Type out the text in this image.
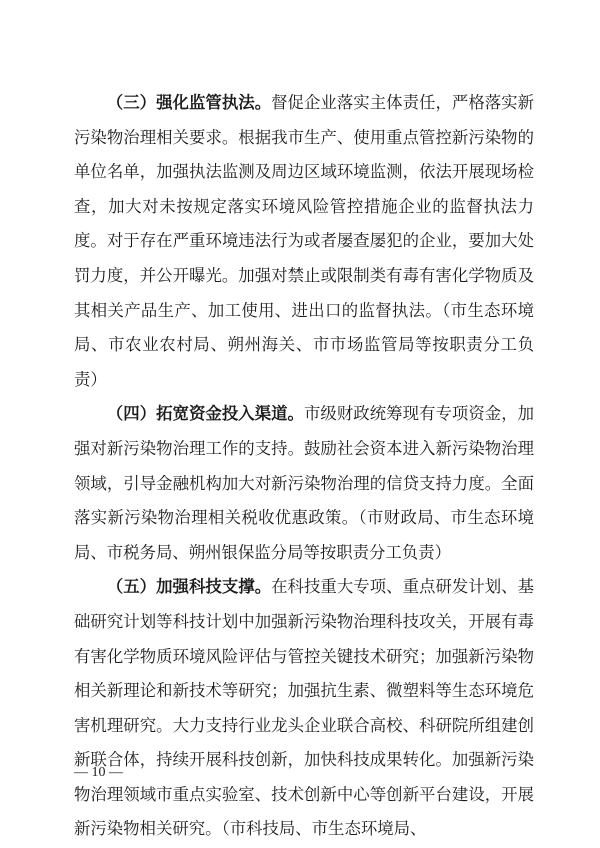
（三）强化监管执法。督促企业落实主体责任，严格落实新污染物治理相关要求。根据我市生产、使用重点管控新污染物的单位名单，加强执法监测及周边区域环境监测，依法开展现场检查，加大对未按规定落实环境风险管控措施企业的监督执法力度。对于存在严重环境违法行为或者屡查屡犯的企业，要加大处罚力度，并公开曝光。加强对禁止或限制类有毒有害化学物质及其相关产品生产、加工使用、进出口的监督执法。（市生态环境局、市农业农村局、朔州海关、市市场监管局等按职责分工负责）

（四）拓宽资金投入渠道。市级财政统筹现有专项资金，加强对新污染物治理工作的支持。鼓励社会资本进入新污染物治理领域，引导金融机构加大对新污染物治理的信贷支持力度。全面落实新污染物治理相关税收优惠政策。（市财政局、市生态环境局、市税务局、朔州银保监分局等按职责分工负责）

（五）加强科技支撑。在科技重大专项、重点研发计划、基础研究计划等科技计划中加强新污染物治理科技攻关，开展有毒有害化学物质环境风险评估与管控关键技术研究；加强新污染物相关新理论和新技术等研究；加强抗生素、微塑料等生态环境危害机理研究。大力支持行业龙头企业联合高校、科研院所组建创新联合体，持续开展科技创新，加快科技成果转化。加强新污染物治理领域市重点实验室、技术创新中心等创新平台建设，开展新污染物相关研究。（市科技局、市生态环境局、

— 10 —
